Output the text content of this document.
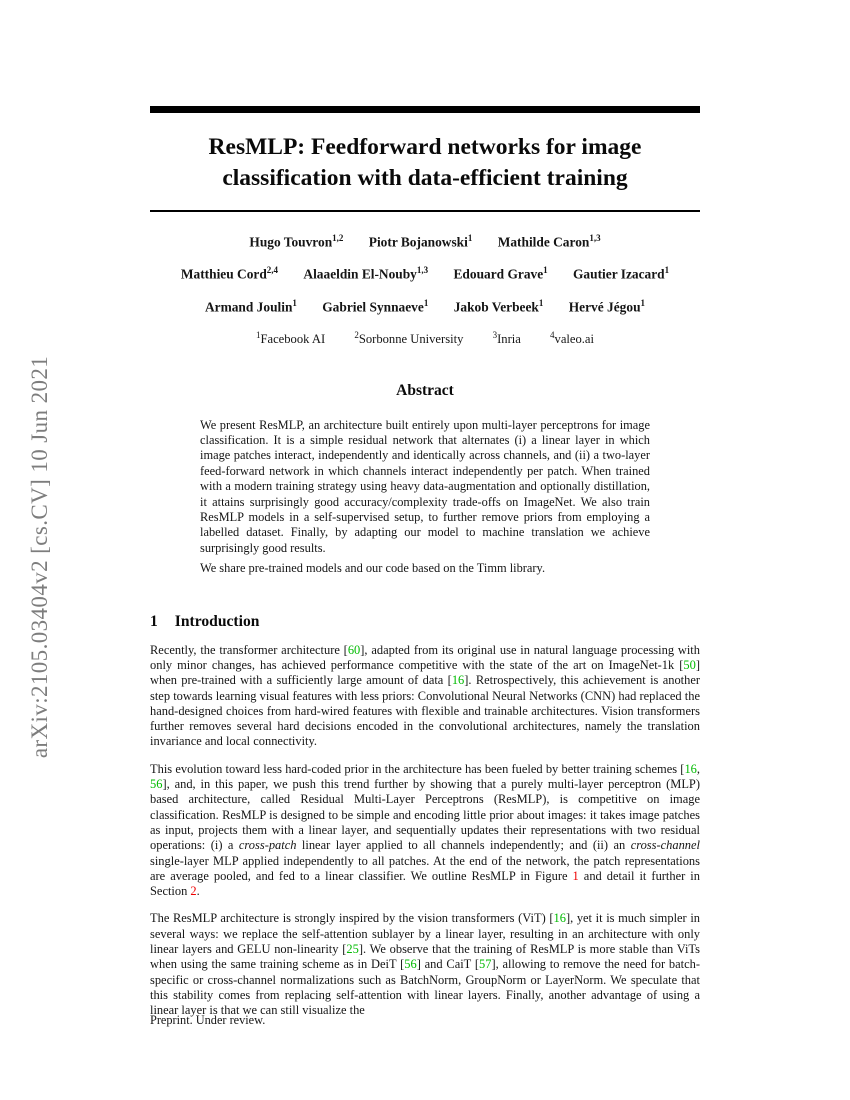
arXiv:2105.03404v2 [cs.CV] 10 Jun 2021
ResMLP: Feedforward networks for image
classification with data-efficient training
Hugo Touvron$^{1,2}$ Piotr Bojanowski$^1$ Mathilde Caron$^{1,3}$
Matthieu Cord$^{2,4}$ Alaaeldin El-Nouby$^{1,3}$ Edouard Grave$^1$ Gautier Izacard$^1$
Armand Joulin$^1$ Gabriel Synnaeve$^1$ Jakob Verbeek$^1$ Hervé Jégou$^1$
$^1$Facebook AI	$^2$Sorbonne University	$^3$Inria	$^4$valeo.ai
Abstract

We present ResMLP, an architecture built entirely upon multi-layer perceptrons for image classification. It is a simple residual network that alternates (i) a linear layer in which image patches interact, independently and identically across channels, and (ii) a two-layer feed-forward network in which channels interact independently per patch. When trained with a modern training strategy using heavy data-augmentation and optionally distillation, it attains surprisingly good accuracy/complexity trade-offs on ImageNet. We also train ResMLP models in a self-supervised setup, to further remove priors from employing a labelled dataset. Finally, by adapting our model to machine translation we achieve surprisingly good results.

We share pre-trained models and our code based on the Timm library.

1 Introduction

Recently, the transformer architecture [60], adapted from its original use in natural language processing with only minor changes, has achieved performance competitive with the state of the art on ImageNet-1k [50] when pre-trained with a sufficiently large amount of data [16]. Retrospectively, this achievement is another step towards learning visual features with less priors: Convolutional Neural Networks (CNN) had replaced the hand-designed choices from hard-wired features with flexible and trainable architectures. Vision transformers further removes several hard decisions encoded in the convolutional architectures, namely the translation invariance and local connectivity.

This evolution toward less hard-coded prior in the architecture has been fueled by better training schemes [16, 56], and, in this paper, we push this trend further by showing that a purely multi-layer perceptron (MLP) based architecture, called Residual Multi-Layer Perceptrons (ResMLP), is competitive on image classification. ResMLP is designed to be simple and encoding little prior about images: it takes image patches as input, projects them with a linear layer, and sequentially updates their representations with two residual operations: (i) a cross-patch linear layer applied to all channels independently; and (ii) an cross-channel single-layer MLP applied independently to all patches. At the end of the network, the patch representations are average pooled, and fed to a linear classifier. We outline ResMLP in Figure 1 and detail it further in Section 2.

The ResMLP architecture is strongly inspired by the vision transformers (ViT) [16], yet it is much simpler in several ways: we replace the self-attention sublayer by a linear layer, resulting in an architecture with only linear layers and GELU non-linearity [25]. We observe that the training of ResMLP is more stable than ViTs when using the same training scheme as in DeiT [56] and CaiT [57], allowing to remove the need for batch-specific or cross-channel normalizations such as BatchNorm, GroupNorm or LayerNorm. We speculate that this stability comes from replacing self-attention with linear layers. Finally, another advantage of using a linear layer is that we can still visualize the

Preprint. Under review.
